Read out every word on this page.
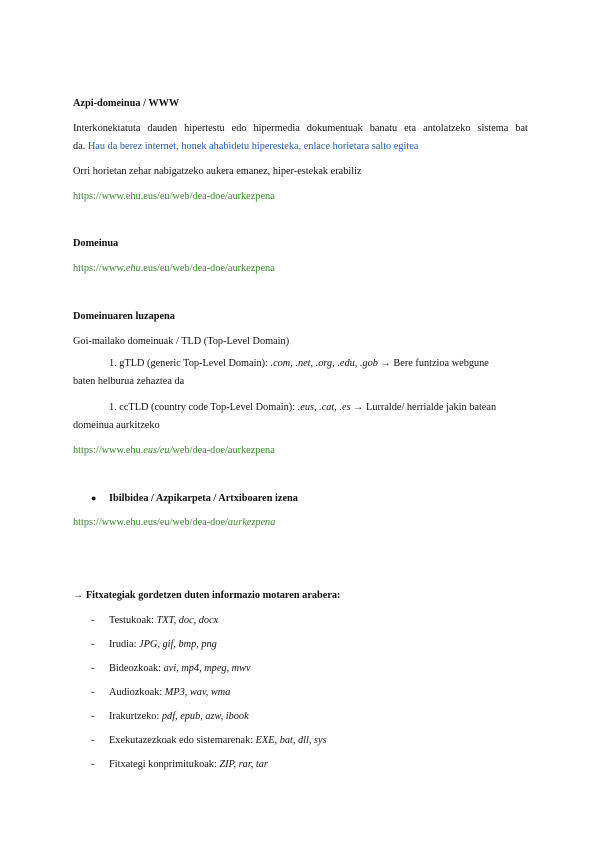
Azpi-domeinua / WWW
Interkonektatuta dauden hipertestu edo hipermedia dokumentuak banatu eta antolatzeko sistema bat
da. Hau da berez internet, honek ahabidetu hiperesteka, enlace horietara salto egitea
Orri horietan zehar nabigatzeko aukera emanez, hiper-estekak erabiliz
https://www.ehu.eus/eu/web/dea-doe/aurkezpena
Domeinua
https://www.ehu.eus/eu/web/dea-doe/aurkezpena
Domeinuaren luzapena
Goi-mailako domeinuak / TLD (Top-Level Domain)
1. gTLD (generic Top-Level Domain): .com, .net, .org, .edu, .gob → Bere funtzioa webgune
baten helburua zehaztea da
1. ccTLD (country code Top-Level Domain): .eus, .cat, .es → Lurralde/ herrialde jakin batean
domeinua aurkitzeko
https://www.ehu.eus/eu/web/dea-doe/aurkezpena
● Ibilbidea / Azpikarpeta / Artxiboaren izena
https://www.ehu.eus/eu/web/dea-doe/aurkezpena
→ Fitxategiak gordetzen duten informazio motaren arabera:
- Testukoak: TXT, doc, docx
- Irudia: JPG, gif, bmp, png
- Bideozkoak: avi, mp4, mpeg, mwv
- Audiozkoak: MP3, wav, wma
- Irakurtzeko: pdf, epub, azw, ibook
- Exekutazezkoak edo sistemarenak: EXE, bat, dll, sys
- Fitxategi konprimitukoak: ZIP, rar, tar
